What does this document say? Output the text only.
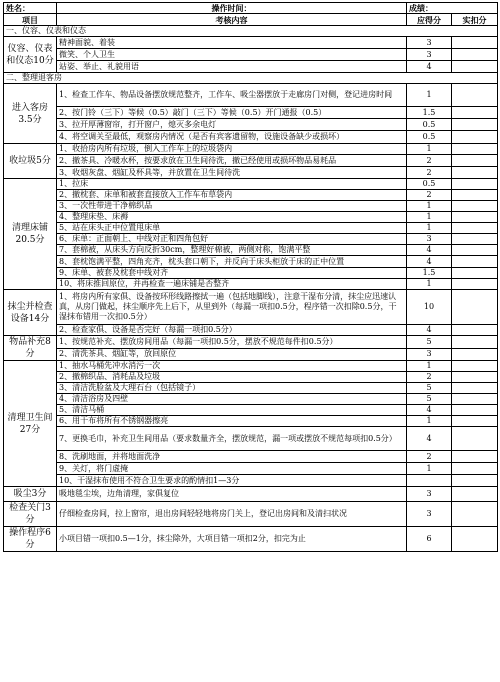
姓名：	操作时间：	成绩：	
项目	考核内容	应得分	实扣分
一、仪容、仪表和仪态			
仪容、仪表和仪态10分	精神面貌、着装	3	
	微笑、个人卫生	3	
	站姿、举止、礼貌用语	4	
二、整理退客房			
进入客房3.5分	1、检查工作车、物品设备摆放规范整齐，工作车、吸尘器摆放于走廊房门对侧，登记进房时间	1	
	2、按门铃（三下）等候（0.5）敲门（三下）等候（0.5）开门通报（0.5）	1.5	
	3、拉开厚薄窗帘，打开窗户，熄灭多余电灯	0.5	
	4、将空调关至最低，观察房内情况（是否有宾客遗留物，设施设备缺少或损坏）	0.5	
收垃圾5分	1、收拾房内所有垃圾，倒入工作车上的垃圾袋内	1	
	2、撤茶具、冷暖水杯，按要求放在卫生间待洗，撤已经使用或损坏物品易耗品	2	
	3、收烟灰盘、烟缸及杯具等，并放置在卫生间待洗	2	
清理床铺20.5分	1、拉床	0.5	
	2、撤枕套、床单和被套直接放入工作车布草袋内	2	
	3、一次性带进干净棉织品	1	
	4、整理床垫、床褥	1	
	5、站在床头正中位置甩床单	1	
	6、床单：正面朝上、中线对正和四角包好	3	
	7、套棉被，从床头方向反折30cm，整理好棉被，两侧对称，饱满平整	4	
	8、套枕饱满平整，四角充齐，枕头套口朝下，并反向于床头柜放于床的正中位置	4	
	9、床单、被套及枕套中线对齐	1.5	
	10、将床推回原位，并再检查一遍床铺是否整齐	1	
抹尘并检查设备14分	1、将房内所有家俱、设备按环形线路擦拭一遍（包括地脚线），注意干湿布分清，抹尘应迅速认真，从房门做起，抹尘顺序先上后下，从里到外（每漏一项扣0.5分，程序错一次扣除0.5分，干湿抹布错用一次扣0.5分）	10	
	2、检查家俱、设备是否完好（每漏一项扣0.5分）	4	
物品补充8分	1、按规范补充、摆放房间用品（每漏一项扣0.5分，摆放不规范每件扣0.5分）	5	
	2、清洗茶具、烟缸等，放回原位	3	
清理卫生间27分	1、抽水马桶先冲水消污一次	1	
	2、撤棉织品、消耗品及垃圾	2	
	3、清洁洗脸盆及大理石台（包括镜子）	5	
	4、清洁浴房及四壁	5	
	5、清洁马桶	4	
	6、用干布将所有不锈钢器擦亮	1	
	7、更换毛巾，补充卫生间用品（要求数量齐全，摆放规范，漏一项或摆放不规范每项扣0.5分）	4	
	8、洗刷地面，并将地面洗净	2	
	9、关灯，将门虚掩	1	
	10、干湿抹布使用不符合卫生要求的酌情扣1—3分		
吸尘3分	吸地毯尘埃，边角清理，家俱复位	3	
检查关门3分	仔细检查房间，拉上窗帘，退出房间轻轻地将房门关上，登记出房间和及清扫状况	3	
操作程序6分	小项目错一项扣0.5—1分，抹尘除外，大项目错一项扣2分，扣完为止	6	
